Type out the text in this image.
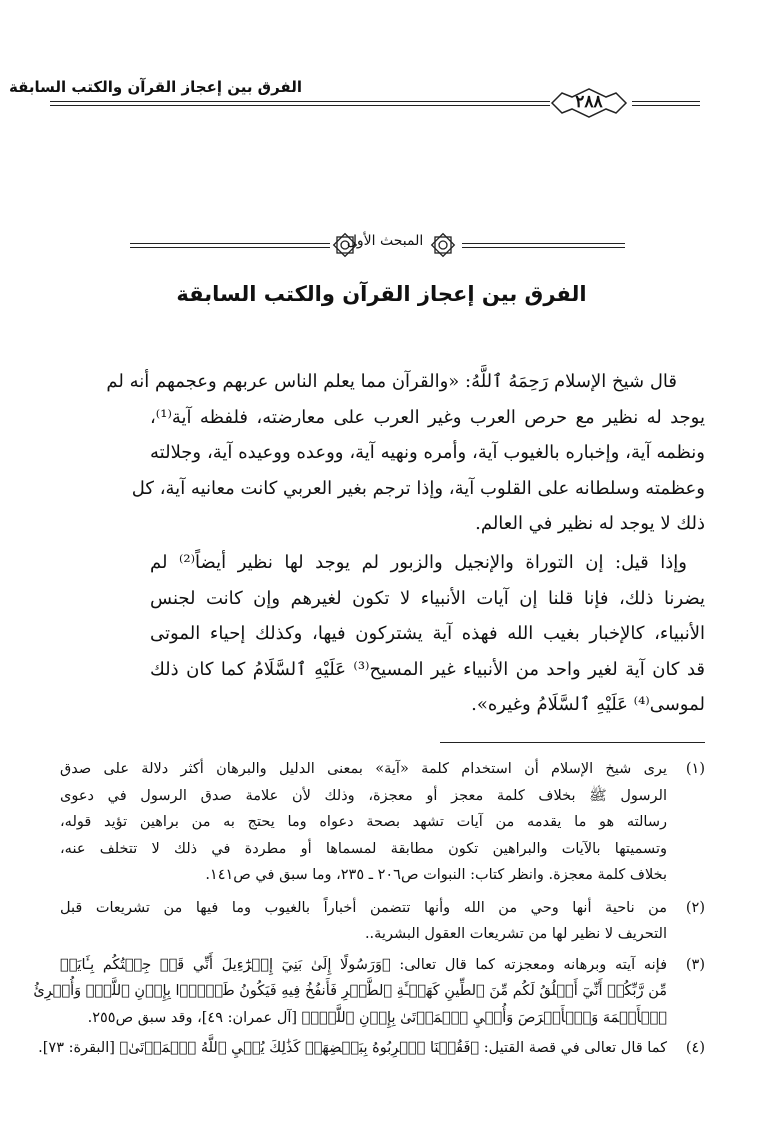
الفرق بين إعجاز القرآن والكتب السابقة
٢٨٨
المبحث الأول
الفرق بين إعجاز القرآن والكتب السابقة
قال شيخ الإسلام رَحِمَهُ ٱللَّهُ: «والقرآن مما يعلم الناس عربهم وعجمهم أنه لم
يوجد له نظير مع حرص العرب وغير العرب على معارضته، فلفظه آية⁽¹⁾،
ونظمه آية، وإخباره بالغيوب آية، وأمره ونهيه آية، ووعده ووعيده آية، وجلالته
وعظمته وسلطانه على القلوب آية، وإذا ترجم بغير العربي كانت معانيه آية، كل
ذلك لا يوجد له نظير في العالم.
وإذا قيل: إن التوراة والإنجيل والزبور لم يوجد لها نظير أيضاً⁽²⁾ لم
يضرنا ذلك، فإنا قلنا إن آيات الأنبياء لا تكون لغيرهم وإن كانت لجنس
الأنبياء، كالإخبار بغيب الله فهذه آية يشتركون فيها، وكذلك إحياء الموتى
قد كان آية لغير واحد من الأنبياء غير المسيح⁽³⁾ عَلَيْهِ ٱلسَّلَامُ كما كان ذلك
لموسى⁽⁴⁾ عَلَيْهِ ٱلسَّلَامُ وغيره».
(١)
يرى شيخ الإسلام أن استخدام كلمة «آية» بمعنى الدليل والبرهان أكثر دلالة على صدق
الرسول ﷺ بخلاف كلمة معجز أو معجزة، وذلك لأن علامة صدق الرسول في دعوى
رسالته هو ما يقدمه من آيات تشهد بصحة دعواه وما يحتج به من براهين تؤيد قوله،
وتسميتها بالآيات والبراهين تكون مطابقة لمسماها أو مطردة في ذلك لا تتخلف عنه،
بخلاف كلمة معجزة. وانظر كتاب: النبوات ص٢٠٦ ـ ٢٣٥، وما سبق في ص١٤١.
(٢)
من ناحية أنها وحي من الله وأنها تتضمن أخباراً بالغيوب وما فيها من تشريعات قبل
التحريف لا نظير لها من تشريعات العقول البشرية..
(٣)
فإنه آيته وبرهانه ومعجزته كما قال تعالى: ﴿وَرَسُولًا إِلَىٰ بَنِيٓ إِسۡرَٰٓءِيلَ أَنِّي قَدۡ جِئۡتُكُم بِـَٔايَةٖ
مِّن رَّبِّكُمۡ أَنِّيٓ أَخۡلُقُ لَكُم مِّنَ ٱلطِّينِ كَهَيۡـَٔةِ ٱلطَّيۡرِ فَأَنفُخُ فِيهِ فَيَكُونُ طَيۡرَۢا بِإِذۡنِ ٱللَّهِۖ وَأُبۡرِئُ
ٱلۡأَكۡمَهَ وَٱلۡأَبۡرَصَ وَأُحۡيِ ٱلۡمَوۡتَىٰ بِإِذۡنِ ٱللَّهِۖ﴾ [آل عمران: ٤٩]، وقد سبق ص٢٥٥.
(٤)
كما قال تعالى في قصة القتيل: ﴿فَقُلۡنَا ٱضۡرِبُوهُ بِبَعۡضِهَاۚ كَذَٰلِكَ يُحۡيِ ٱللَّهُ ٱلۡمَوۡتَىٰ﴾ [البقرة: ٧٣].
